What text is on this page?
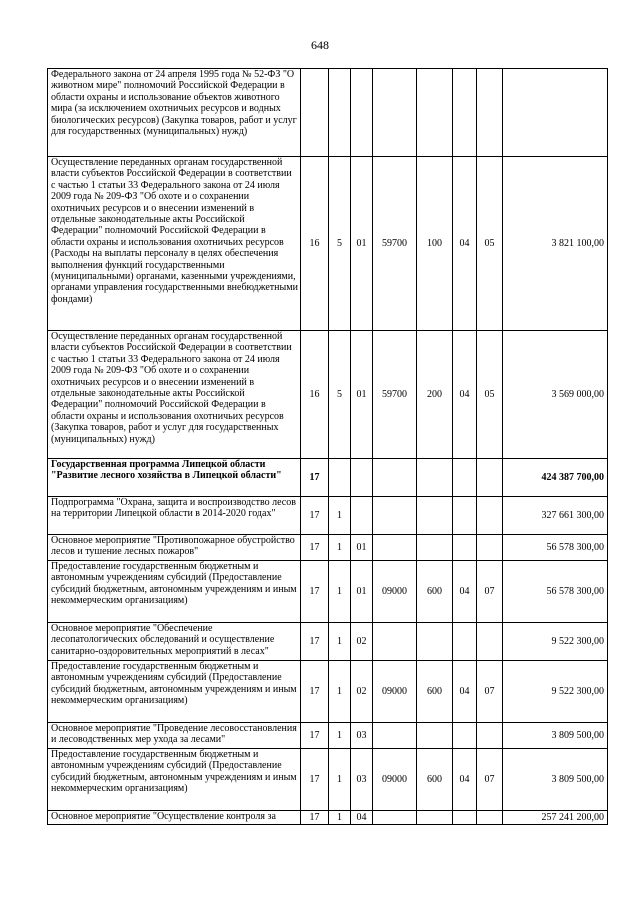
648
Федерального закона от 24 апреля 1995 года № 52-ФЗ "О животном мире" полномочий Российской Федерации в области охраны и использование объектов животного мира (за исключением охотничьих ресурсов и водных биологических ресурсов) (Закупка товаров, работ и услуг для государственных (муниципальных) нужд)								
Осуществление переданных органам государственной власти субъектов Российской Федерации в соответствии с частью 1 статьи 33 Федерального закона от 24 июля 2009 года № 209-ФЗ "Об охоте и о сохранении охотничьих ресурсов и о внесении изменений в отдельные законодательные акты Российской Федерации" полномочий Российской Федерации в области охраны и использования охотничьих ресурсов (Расходы на выплаты персоналу в целях обеспечения выполнения функций государственными (муниципальными) органами, казенными учреждениями, органами управления государственными внебюджетными фондами)	16	5	01	59700	100	04	05	3 821 100,00
Осуществление переданных органам государственной власти субъектов Российской Федерации в соответствии с частью 1 статьи 33 Федерального закона от 24 июля 2009 года № 209-ФЗ "Об охоте и о сохранении охотничьих ресурсов и о внесении изменений в отдельные законодательные акты Российской Федерации" полномочий Российской Федерации в области охраны и использования охотничьих ресурсов (Закупка товаров, работ и услуг для государственных (муниципальных) нужд)	16	5	01	59700	200	04	05	3 569 000,00
Государственная программа Липецкой области "Развитие лесного хозяйства в Липецкой области"	17							424 387 700,00
Подпрограмма "Охрана, защита и воспроизводство лесов на территории Липецкой области в 2014-2020 годах"	17	1						327 661 300,00
Основное мероприятие "Противопожарное обустройство лесов и тушение лесных пожаров"	17	1	01					56 578 300,00
Предоставление государственным бюджетным и автономным учреждениям субсидий (Предоставление субсидий бюджетным, автономным учреждениям и иным некоммерческим организациям)	17	1	01	09000	600	04	07	56 578 300,00
Основное мероприятие "Обеспечение лесопатологических обследований и осуществление санитарно-оздоровительных мероприятий в лесах"	17	1	02					9 522 300,00
Предоставление государственным бюджетным и автономным учреждениям субсидий (Предоставление субсидий бюджетным, автономным учреждениям и иным некоммерческим организациям)	17	1	02	09000	600	04	07	9 522 300,00
Основное мероприятие "Проведение лесовосстановления и лесоводственных мер ухода за лесами"	17	1	03					3 809 500,00
Предоставление государственным бюджетным и автономным учреждениям субсидий (Предоставление субсидий бюджетным, автономным учреждениям и иным некоммерческим организациям)	17	1	03	09000	600	04	07	3 809 500,00
Основное мероприятие "Осуществление контроля за	17	1	04					257 241 200,00
